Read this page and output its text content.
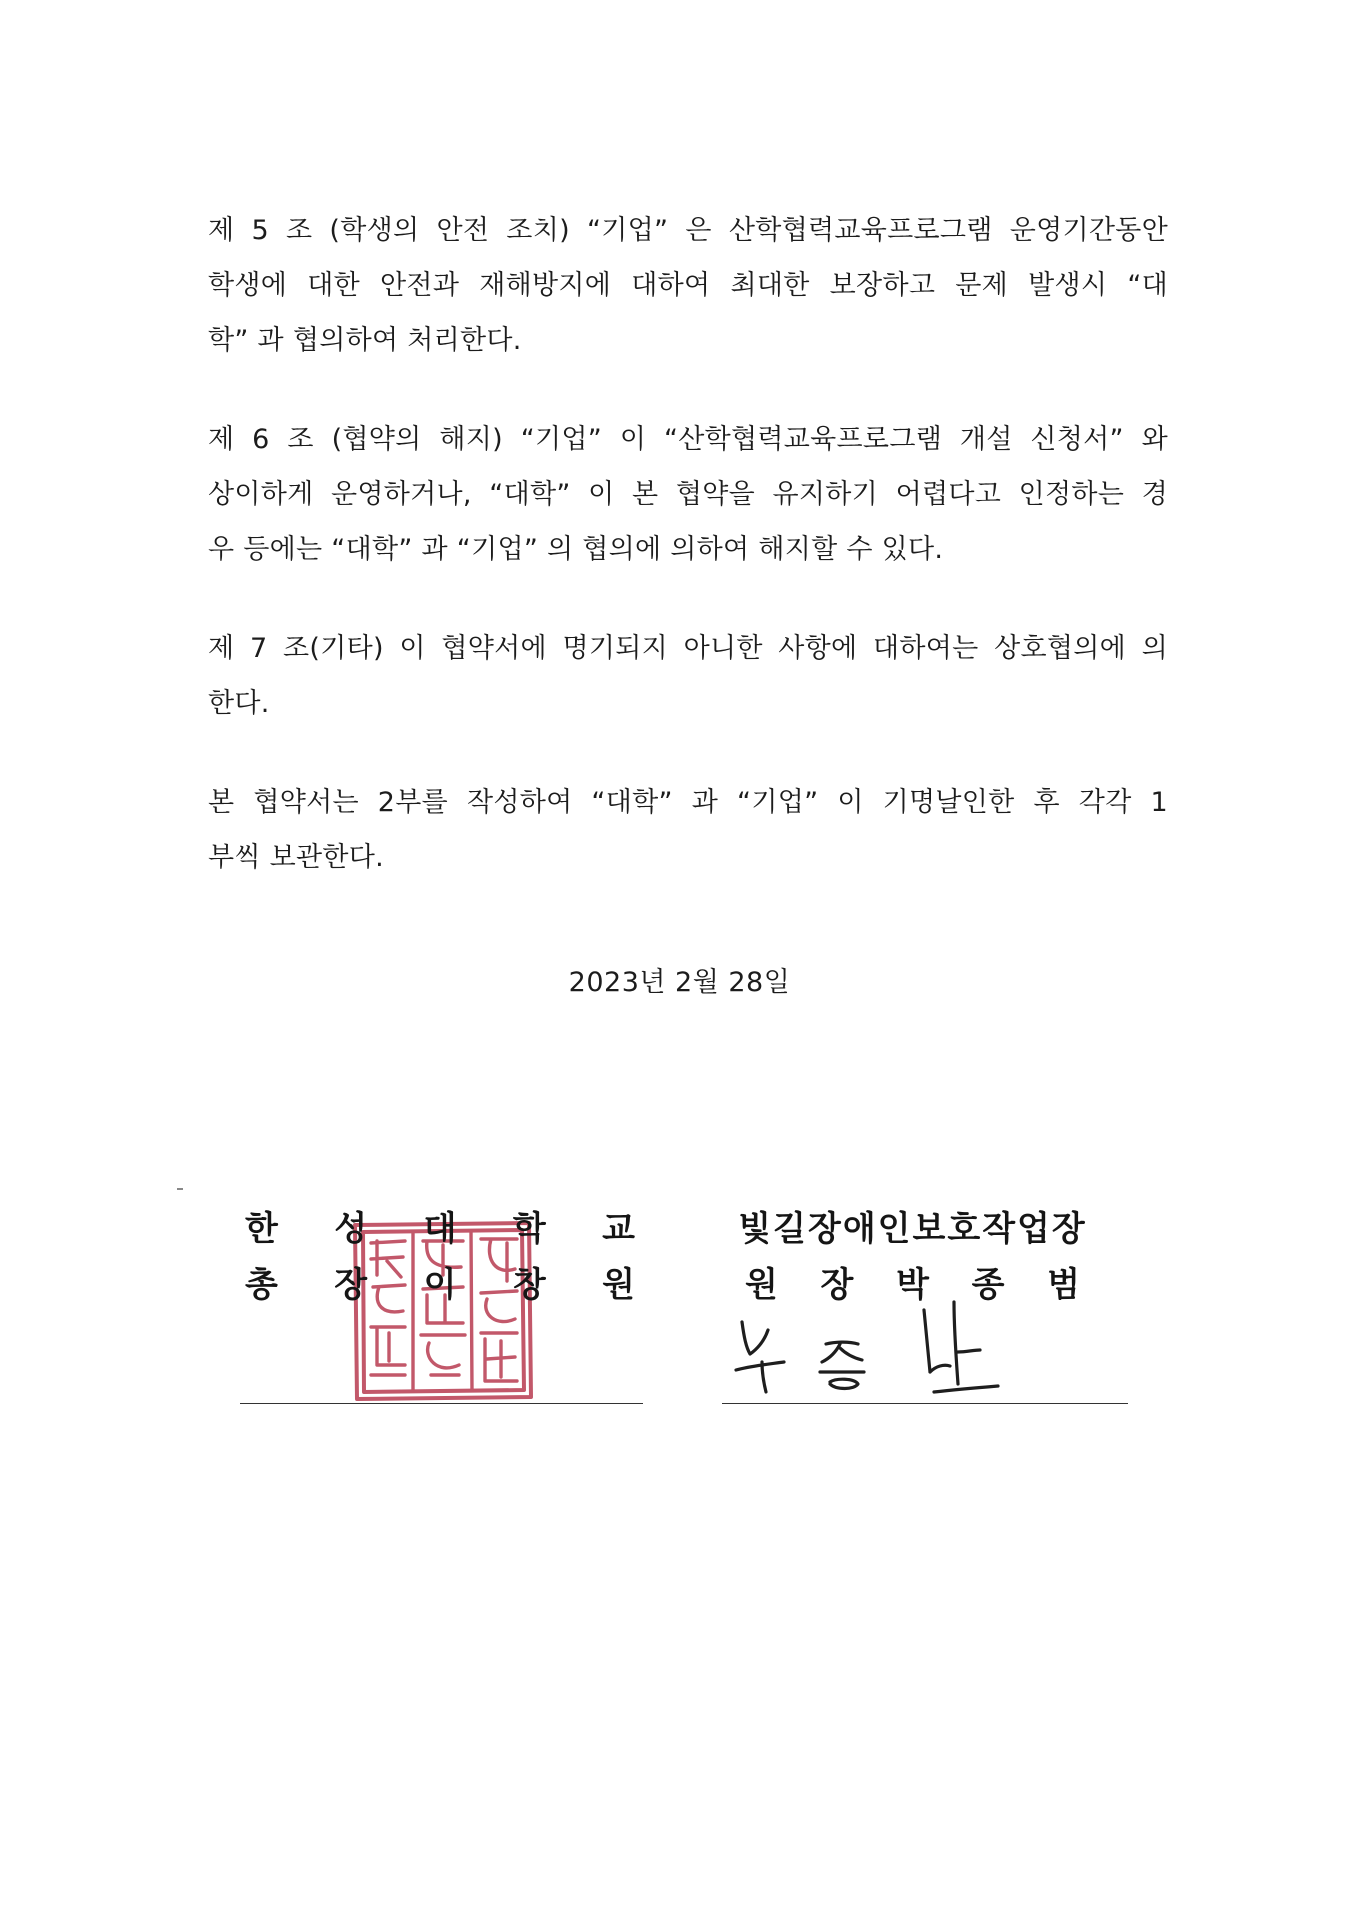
제 5 조 (학생의 안전 조치) “기업” 은 산학협력교육프로그램 운영기간동안
학생에 대한 안전과 재해방지에 대하여 최대한 보장하고 문제 발생시 “대
학” 과 협의하여 처리한다.
제 6 조 (협약의 해지) “기업” 이 “산학협력교육프로그램 개설 신청서” 와
상이하게 운영하거나, “대학” 이 본 협약을 유지하기 어렵다고 인정하는 경
우 등에는 “대학” 과 “기업” 의 협의에 의하여 해지할 수 있다.
제 7 조(기타) 이 협약서에 명기되지 아니한 사항에 대하여는 상호협의에 의
한다.
본 협약서는 2부를 작성하여 “대학” 과 “기업” 이 기명날인한 후 각각 1
부씩 보관한다.
2023년 2월 28일
한 성 대 학 교
총 장 이 창 원
빛길장애인보호작업장
원 장 박 종 범
